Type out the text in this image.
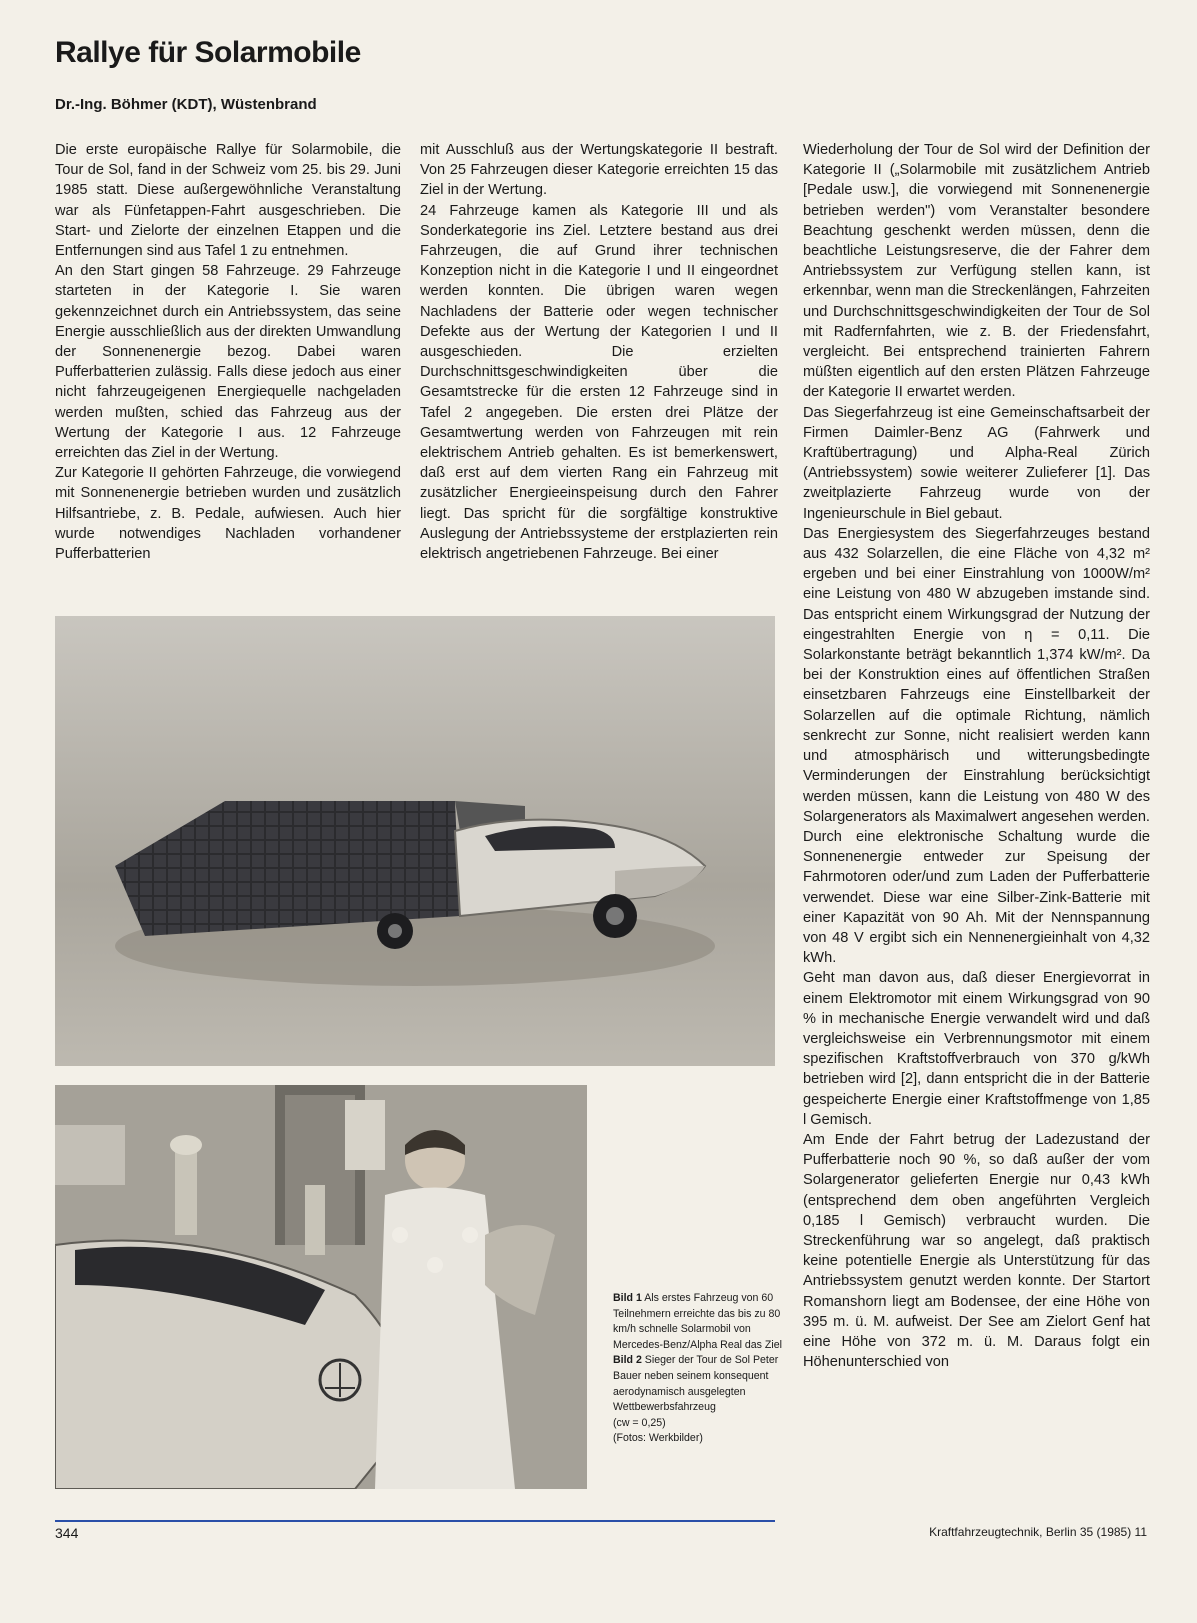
Rallye für Solarmobile
Dr.-Ing. Böhmer (KDT), Wüstenbrand

Die erste europäische Rallye für Solarmobile, die Tour de Sol, fand in der Schweiz vom 25. bis 29. Juni 1985 statt. Diese außergewöhnliche Veranstaltung war als Fünfetappen-Fahrt ausgeschrieben. Die Start- und Zielorte der einzelnen Etappen und die Entfernungen sind aus Tafel 1 zu entnehmen.

An den Start gingen 58 Fahrzeuge. 29 Fahrzeuge starteten in der Kategorie I. Sie waren gekennzeichnet durch ein Antriebssystem, das seine Energie ausschließlich aus der direkten Umwandlung der Sonnenenergie bezog. Dabei waren Pufferbatterien zulässig. Falls diese jedoch aus einer nicht fahrzeugeigenen Energiequelle nachgeladen werden mußten, schied das Fahrzeug aus der Wertung der Kategorie I aus. 12 Fahrzeuge erreichten das Ziel in der Wertung.

Zur Kategorie II gehörten Fahrzeuge, die vorwiegend mit Sonnenenergie betrieben wurden und zusätzlich Hilfsantriebe, z. B. Pedale, aufwiesen. Auch hier wurde notwendiges Nachladen vorhandener Pufferbatterien

mit Ausschluß aus der Wertungskategorie II bestraft. Von 25 Fahrzeugen dieser Kategorie erreichten 15 das Ziel in der Wertung.

24 Fahrzeuge kamen als Kategorie III und als Sonderkategorie ins Ziel. Letztere bestand aus drei Fahrzeugen, die auf Grund ihrer technischen Konzeption nicht in die Kategorie I und II eingeordnet werden konnten. Die übrigen waren wegen Nachladens der Batterie oder wegen technischer Defekte aus der Wertung der Kategorien I und II ausgeschieden. Die erzielten Durchschnittsgeschwindigkeiten über die Gesamtstrecke für die ersten 12 Fahrzeuge sind in Tafel 2 angegeben. Die ersten drei Plätze der Gesamtwertung werden von Fahrzeugen mit rein elektrischem Antrieb gehalten. Es ist bemerkenswert, daß erst auf dem vierten Rang ein Fahrzeug mit zusätzlicher Energieeinspeisung durch den Fahrer liegt. Das spricht für die sorgfältige konstruktive Auslegung der Antriebssysteme der erstplazierten rein elektrisch angetriebenen Fahrzeuge. Bei einer

Wiederholung der Tour de Sol wird der Definition der Kategorie II („Solarmobile mit zusätzlichem Antrieb [Pedale usw.], die vorwiegend mit Sonnenenergie betrieben werden") vom Veranstalter besondere Beachtung geschenkt werden müssen, denn die beachtliche Leistungsreserve, die der Fahrer dem Antriebssystem zur Verfügung stellen kann, ist erkennbar, wenn man die Streckenlängen, Fahrzeiten und Durchschnittsgeschwindigkeiten der Tour de Sol mit Radfernfahrten, wie z. B. der Friedensfahrt, vergleicht. Bei entsprechend trainierten Fahrern müßten eigentlich auf den ersten Plätzen Fahrzeuge der Kategorie II erwartet werden.

Das Siegerfahrzeug ist eine Gemeinschaftsarbeit der Firmen Daimler-Benz AG (Fahrwerk und Kraftübertragung) und Alpha-Real Zürich (Antriebssystem) sowie weiterer Zulieferer [1]. Das zweitplazierte Fahrzeug wurde von der Ingenieurschule in Biel gebaut.

Das Energiesystem des Siegerfahrzeuges bestand aus 432 Solarzellen, die eine Fläche von 4,32 m² ergeben und bei einer Einstrahlung von 1000W/m² eine Leistung von 480 W abzugeben imstande sind. Das entspricht einem Wirkungsgrad der Nutzung der eingestrahlten Energie von η = 0,11. Die Solarkonstante beträgt bekanntlich 1,374 kW/m². Da bei der Konstruktion eines auf öffentlichen Straßen einsetzbaren Fahrzeugs eine Einstellbarkeit der Solarzellen auf die optimale Richtung, nämlich senkrecht zur Sonne, nicht realisiert werden kann und atmosphärisch und witterungsbedingte Verminderungen der Einstrahlung berücksichtigt werden müssen, kann die Leistung von 480 W des Solargenerators als Maximalwert angesehen werden. Durch eine elektronische Schaltung wurde die Sonnenenergie entweder zur Speisung der Fahrmotoren oder/und zum Laden der Pufferbatterie verwendet. Diese war eine Silber-Zink-Batterie mit einer Kapazität von 90 Ah. Mit der Nennspannung von 48 V ergibt sich ein Nennenergieinhalt von 4,32 kWh.

Geht man davon aus, daß dieser Energievorrat in einem Elektromotor mit einem Wirkungsgrad von 90 % in mechanische Energie verwandelt wird und daß vergleichsweise ein Verbrennungsmotor mit einem spezifischen Kraftstoffverbrauch von 370 g/kWh betrieben wird [2], dann entspricht die in der Batterie gespeicherte Energie einer Kraftstoffmenge von 1,85 l Gemisch.

Am Ende der Fahrt betrug der Ladezustand der Pufferbatterie noch 90 %, so daß außer der vom Solargenerator gelieferten Energie nur 0,43 kWh (entsprechend dem oben angeführten Vergleich 0,185 l Gemisch) verbraucht wurden. Die Streckenführung war so angelegt, daß praktisch keine potentielle Energie als Unterstützung für das Antriebssystem genutzt werden konnte. Der Startort Romanshorn liegt am Bodensee, der eine Höhe von 395 m. ü. M. aufweist. Der See am Zielort Genf hat eine Höhe von 372 m. ü. M. Daraus folgt ein Höhenunterschied von

Bild 1 Als erstes Fahrzeug von 60 Teilnehmern erreichte das bis zu 80 km/h schnelle Solarmobil von Mercedes-Benz/Alpha Real das Ziel

Bild 2 Sieger der Tour de Sol Peter Bauer neben seinem konsequent aerodynamisch ausgelegten Wettbewerbsfahrzeug

(cw = 0,25)

(Fotos: Werkbilder)

344	Kraftfahrzeugtechnik, Berlin 35 (1985) 11
